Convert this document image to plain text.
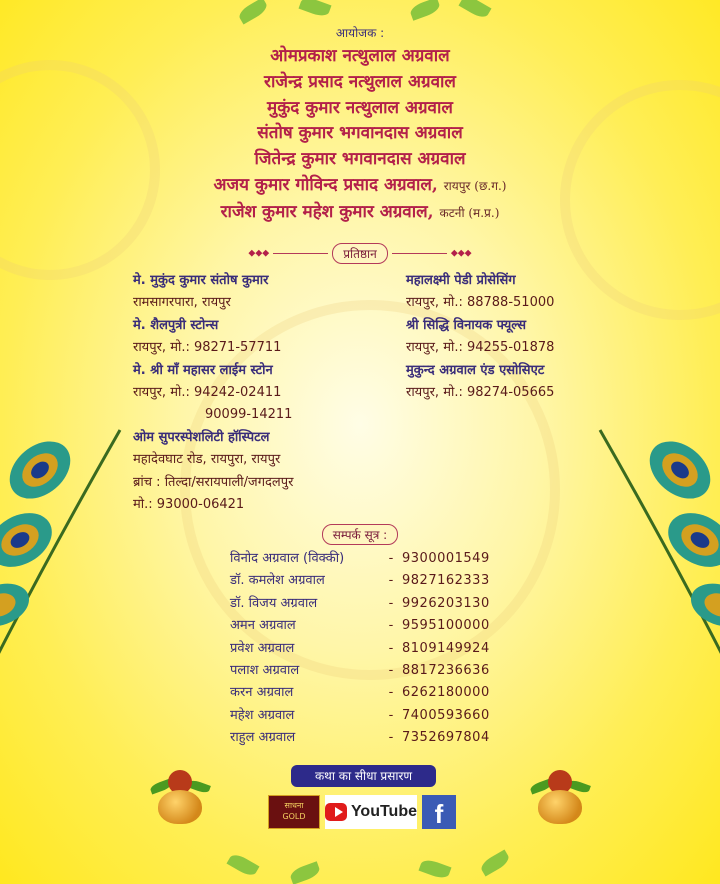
आयोजक :
ओमप्रकाश नत्थुलाल अग्रवाल
राजेन्द्र प्रसाद नत्थुलाल अग्रवाल
मुकुंद कुमार नत्थुलाल अग्रवाल
संतोष कुमार भगवानदास अग्रवाल
जितेन्द्र कुमार भगवानदास अग्रवाल
अजय कुमार गोविन्द प्रसाद अग्रवाल, रायपुर (छ.ग.)
राजेश कुमार महेश कुमार अग्रवाल, कटनी (म.प्र.)
◆◆◆	प्रतिष्ठान	◆◆◆
मे. मुकुंद कुमार संतोष कुमार
रामसागरपारा, रायपुर
मे. शैलपुत्री स्टोन्स
रायपुर, मो.: 98271-57711
मे. श्री माँ महासर लाईम स्टोन
रायपुर, मो.: 94242-02411
90099-14211
ओम सुपरस्पेशलिटी हॉस्पिटल
महादेवघाट रोड, रायपुरा, रायपुर
ब्रांच : तिल्दा/सरायपाली/जगदलपुर
मो.: 93000-06421
महालक्ष्मी पेडी प्रोसेसिंग
रायपुर, मो.: 88788-51000
श्री सिद्धि विनायक फ्यूल्स
रायपुर, मो.: 94255-01878
मुकुन्द अग्रवाल एंड एसोसिएट
रायपुर, मो.: 98274-05665
सम्पर्क सूत्र :
विनोद अग्रवाल (विक्की)	- 9300001549
डॉ. कमलेश अग्रवाल	- 9827162333
डॉ. विजय अग्रवाल	- 9926203130
अमन अग्रवाल	- 9595100000
प्रवेश अग्रवाल	- 8109149924
पलाश अग्रवाल	- 8817236636
करन अग्रवाल	- 6262180000
महेश अग्रवाल	- 7400593660
राहुल अग्रवाल	- 7352697804
कथा का सीधा प्रसारण
साधना
GOLD	YouTube f
